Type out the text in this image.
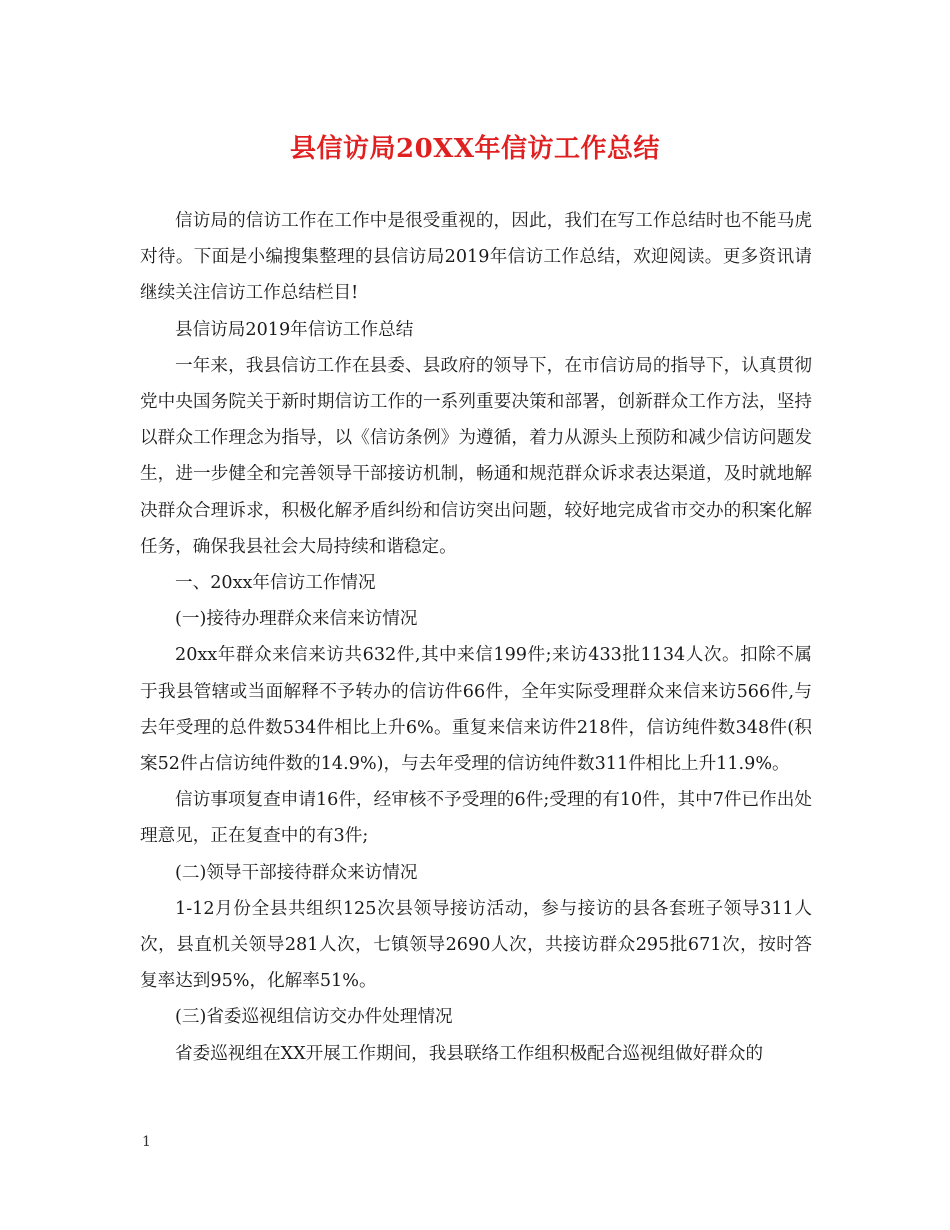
县信访局20XX年信访工作总结

信访局的信访工作在工作中是很受重视的，因此，我们在写工作总结时也不能马虎对待。下面是小编搜集整理的县信访局2019年信访工作总结，欢迎阅读。更多资讯请继续关注信访工作总结栏目!

县信访局2019年信访工作总结

一年来，我县信访工作在县委、县政府的领导下，在市信访局的指导下，认真贯彻党中央国务院关于新时期信访工作的一系列重要决策和部署，创新群众工作方法，坚持以群众工作理念为指导，以《信访条例》为遵循，着力从源头上预防和减少信访问题发生，进一步健全和完善领导干部接访机制，畅通和规范群众诉求表达渠道，及时就地解决群众合理诉求，积极化解矛盾纠纷和信访突出问题，较好地完成省市交办的积案化解任务，确保我县社会大局持续和谐稳定。

一、20xx年信访工作情况

(一)接待办理群众来信来访情况

20xx年群众来信来访共632件,其中来信199件;来访433批1134人次。扣除不属于我县管辖或当面解释不予转办的信访件66件，全年实际受理群众来信来访566件,与去年受理的总件数534件相比上升6%。重复来信来访件218件，信访纯件数348件(积案52件占信访纯件数的14.9%)，与去年受理的信访纯件数311件相比上升11.9%。

信访事项复查申请16件，经审核不予受理的6件;受理的有10件，其中7件已作出处理意见，正在复查中的有3件;

(二)领导干部接待群众来访情况

1-12月份全县共组织125次县领导接访活动，参与接访的县各套班子领导311人次，县直机关领导281人次，七镇领导2690人次，共接访群众295批671次，按时答复率达到95%，化解率51%。

(三)省委巡视组信访交办件处理情况

省委巡视组在XX开展工作期间，我县联络工作组积极配合巡视组做好群众的

1
